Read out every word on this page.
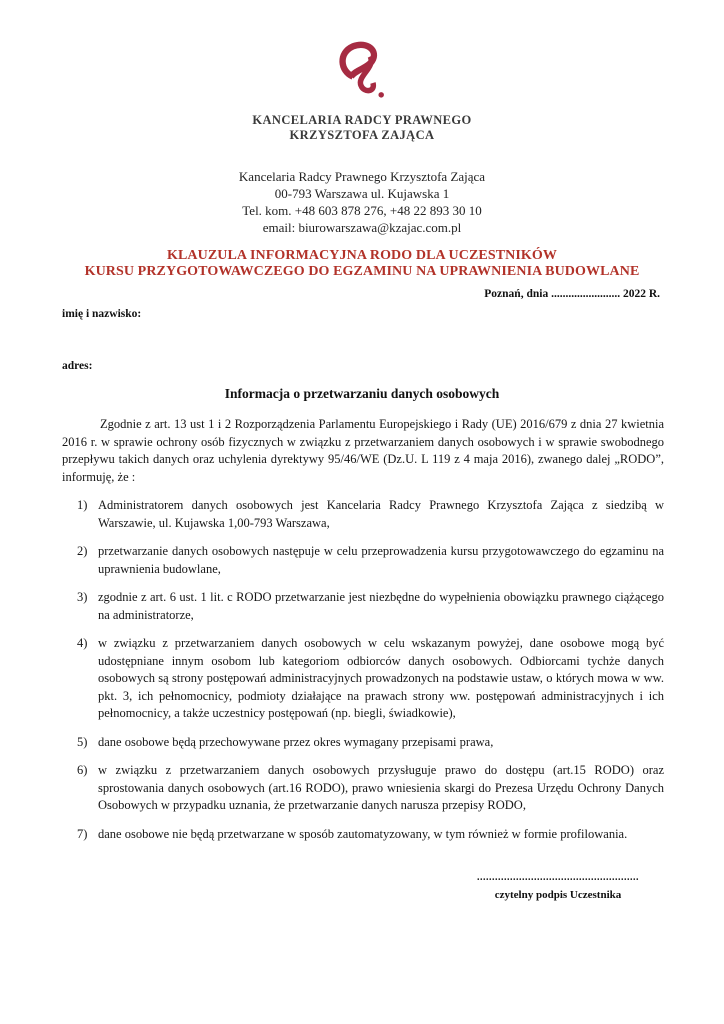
KANCELARIA RADCY PRAWNEGO
KRZYSZTOFA ZAJĄCA
Kancelaria Radcy Prawnego Krzysztofa Zająca
00-793 Warszawa ul. Kujawska 1
Tel. kom. +48 603 878 276, +48 22 893 30 10
email: biurowarszawa@kzajac.com.pl
KLAUZULA INFORMACYJNA RODO DLA UCZESTNIKÓW
KURSU PRZYGOTOWAWCZEGO DO EGZAMINU NA UPRAWNIENIA BUDOWLANE
Poznań, dnia ........................ 2022 R.
imię i nazwisko:
adres:
Informacja o przetwarzaniu danych osobowych

Zgodnie z art. 13 ust 1 i 2 Rozporządzenia Parlamentu Europejskiego i Rady (UE) 2016/679 z dnia 27 kwietnia 2016 r. w sprawie ochrony osób fizycznych w związku z przetwarzaniem danych osobowych i w sprawie swobodnego przepływu takich danych oraz uchylenia dyrektywy 95/46/WE (Dz.U. L 119 z 4 maja 2016), zwanego dalej „RODO”, informuję, że :

1) Administratorem danych osobowych jest Kancelaria Radcy Prawnego Krzysztofa Zająca z siedzibą w Warszawie, ul. Kujawska 1,00-793 Warszawa,
2) przetwarzanie danych osobowych następuje w celu przeprowadzenia kursu przygotowawczego do egzaminu na uprawnienia budowlane,
3) zgodnie z art. 6 ust. 1 lit. c RODO przetwarzanie jest niezbędne do wypełnienia obowiązku prawnego ciążącego na administratorze,
4) w związku z przetwarzaniem danych osobowych w celu wskazanym powyżej, dane osobowe mogą być udostępniane innym osobom lub kategoriom odbiorców danych osobowych. Odbiorcami tychże danych osobowych są strony postępowań administracyjnych prowadzonych na podstawie ustaw, o których mowa w ww. pkt. 3, ich pełnomocnicy, podmioty działające na prawach strony ww. postępowań administracyjnych i ich pełnomocnicy, a także uczestnicy postępowań (np. biegli, świadkowie),
5) dane osobowe będą przechowywane przez okres wymagany przepisami prawa,
6) w związku z przetwarzaniem danych osobowych przysługuje prawo do dostępu (art.15 RODO) oraz sprostowania danych osobowych (art.16 RODO), prawo wniesienia skargi do Prezesa Urzędu Ochrony Danych Osobowych w przypadku uznania, że przetwarzanie danych narusza przepisy RODO,
7) dane osobowe nie będą przetwarzane w sposób zautomatyzowany, w tym również w formie profilowania.
......................................................
czytelny podpis Uczestnika
